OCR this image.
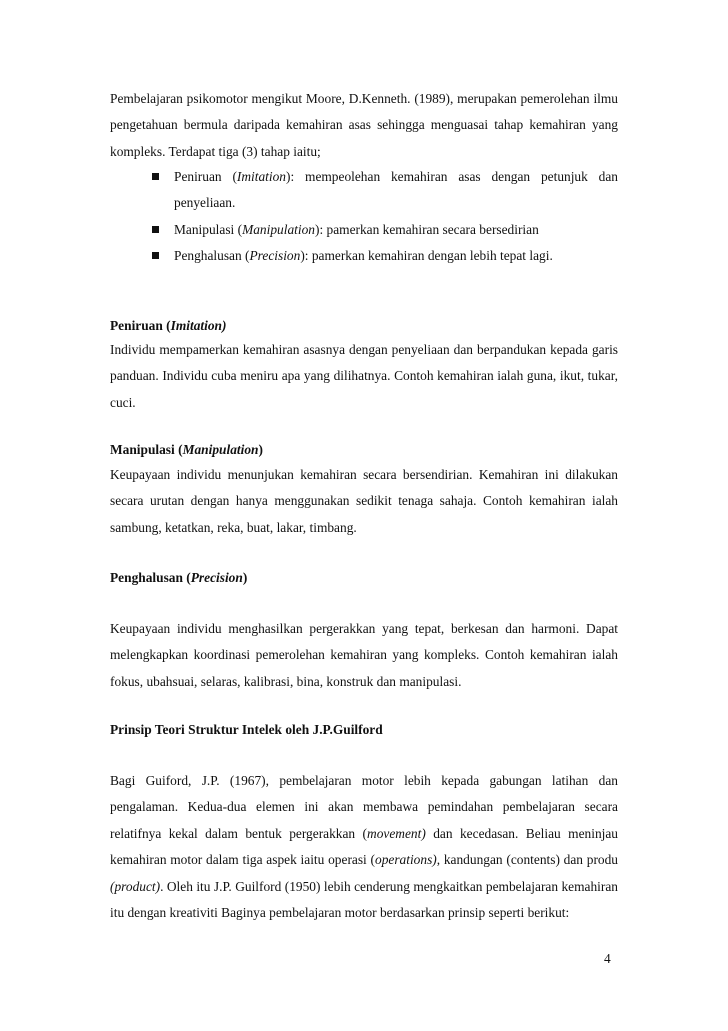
Pembelajaran psikomotor mengikut Moore, D.Kenneth. (1989), merupakan pemerolehan ilmu pengetahuan bermula daripada kemahiran asas sehingga menguasai tahap kemahiran yang kompleks. Terdapat tiga (3) tahap iaitu;

Peniruan (Imitation): mempeolehan kemahiran asas dengan petunjuk dan penyeliaan.
Manipulasi (Manipulation): pamerkan kemahiran secara bersedirian
Penghalusan (Precision): pamerkan kemahiran dengan lebih tepat lagi.

Peniruan (Imitation)

Individu mempamerkan kemahiran asasnya dengan penyeliaan dan berpandukan kepada garis panduan. Individu cuba meniru apa yang dilihatnya. Contoh kemahiran ialah guna, ikut, tukar, cuci.

Manipulasi (Manipulation)

Keupayaan individu menunjukan kemahiran secara bersendirian. Kemahiran ini dilakukan secara urutan dengan hanya menggunakan sedikit tenaga sahaja. Contoh kemahiran ialah sambung, ketatkan, reka, buat, lakar, timbang.

Penghalusan (Precision)

Keupayaan individu menghasilkan pergerakkan yang tepat, berkesan dan harmoni. Dapat melengkapkan koordinasi pemerolehan kemahiran yang kompleks. Contoh kemahiran ialah fokus, ubahsuai, selaras, kalibrasi, bina, konstruk dan manipulasi.

Prinsip Teori Struktur Intelek oleh J.P.Guilford

Bagi Guiford, J.P. (1967), pembelajaran motor lebih kepada gabungan latihan dan pengalaman. Kedua-dua elemen ini akan membawa pemindahan pembelajaran secara relatifnya kekal dalam bentuk pergerakkan (movement) dan kecedasan. Beliau meninjau kemahiran motor dalam tiga aspek iaitu operasi (operations), kandungan (contents) dan produ (product). Oleh itu J.P. Guilford (1950) lebih cenderung mengkaitkan pembelajaran kemahiran itu dengan kreativiti Baginya pembelajaran motor berdasarkan prinsip seperti berikut:

4
